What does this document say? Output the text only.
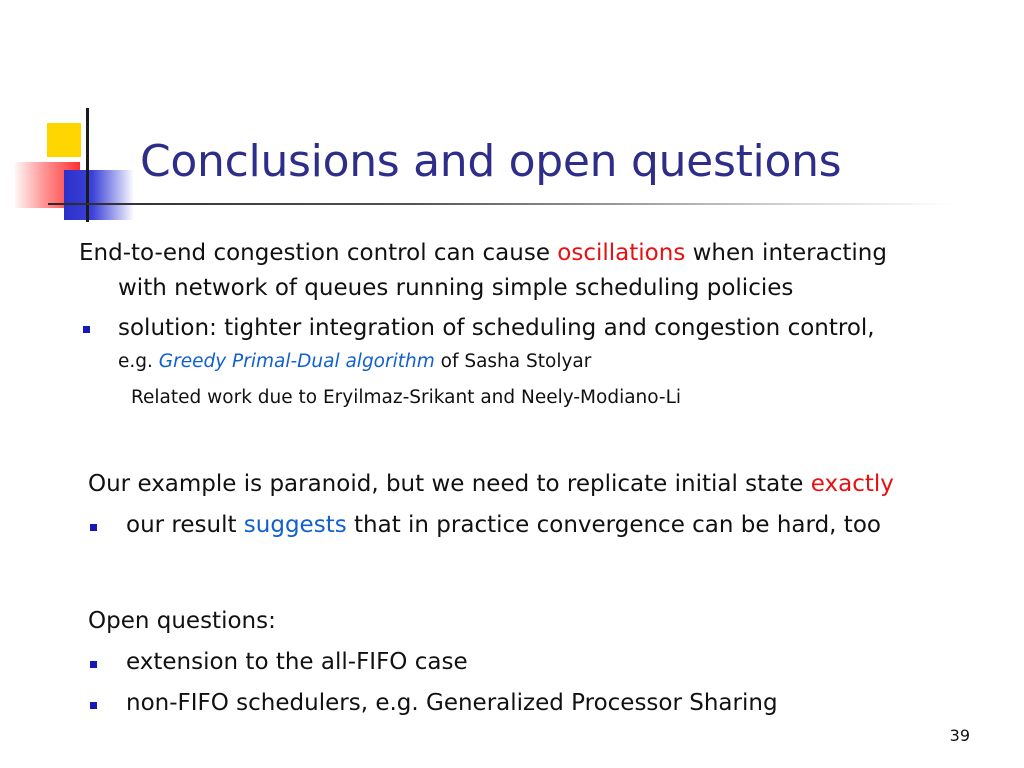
Conclusions and open questions
End-to-end congestion control can cause oscillations when interacting
with network of queues running simple scheduling policies
solution: tighter integration of scheduling and congestion control,
e.g. Greedy Primal-Dual algorithm of Sasha Stolyar
Related work due to Eryilmaz-Srikant and Neely-Modiano-Li
Our example is paranoid, but we need to replicate initial state exactly
our result suggests that in practice convergence can be hard, too
Open questions:
extension to the all-FIFO case
non-FIFO schedulers, e.g. Generalized Processor Sharing
39
